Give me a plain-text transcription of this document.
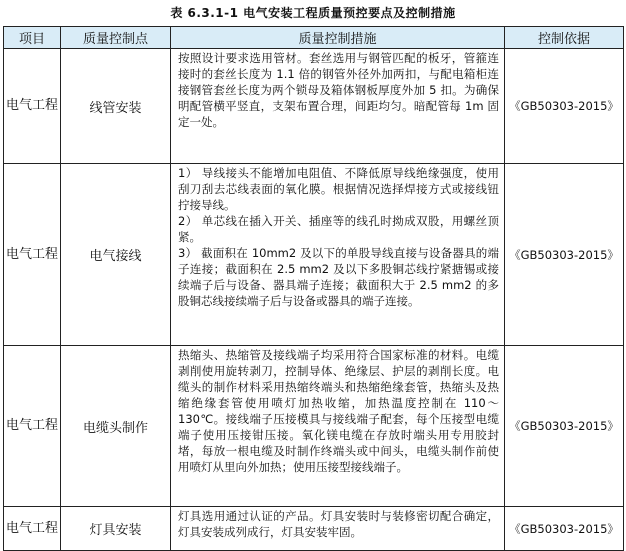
表 6.3.1-1 电气安装工程质量预控要点及控制措施
项目	质量控制点	质量控制措施	控制依据
电气工程	线管安装	按照设计要求选用管材。套丝选用与钢管匹配的板牙，管箍连接时的套丝长度为 1.1 倍的钢管外径外加两扣，与配电箱柜连接钢管套丝长度为两个锁母及箱体钢板厚度外加 5 扣。为确保明配管横平竖直，支架布置合理，间距均匀。暗配管每 1m 固定一处。	《GB50303-2015》
电气工程	电气接线	1） 导线接头不能增加电阻值、不降低原导线绝缘强度，使用刮刀刮去芯线表面的氧化膜。根据情况选择焊接方式或接线钮拧接导线。

2） 单芯线在插入开关、插座等的线孔时拗成双股，用螺丝顶紧。

3） 截面积在 10mm2 及以下的单股导线直接与设备器具的端子连接；截面积在 2.5 mm2 及以下多股铜芯线拧紧搪锡或接续端子后与设备、器具端子连接；截面积大于 2.5 mm2 的多股铜芯线接续端子后与设备或器具的端子连接。	《GB50303-2015》
电气工程	电缆头制作	热缩头、热缩管及接线端子均采用符合国家标准的材料。电缆剥削使用旋转剥刀，控制导体、绝缘层、护层的剥削长度。电缆头的制作材料采用热缩终端头和热缩绝缘套管，热缩头及热缩绝缘套管使用喷灯加热收缩，加热温度控制在 110～130℃。接线端子压接模具与接线端子配套，每个压接型电缆端子使用压接钳压接。氧化镁电缆在存放时端头用专用胶封堵，每放一根电缆及时制作终端头或中间头，电缆头制作前使用喷灯从里向外加热；使用压接型接线端子。	《GB50303-2015》
电气工程	灯具安装	灯具选用通过认证的产品。灯具安装时与装修密切配合确定，灯具安装成列成行，灯具安装牢固。	《GB50303-2015》
